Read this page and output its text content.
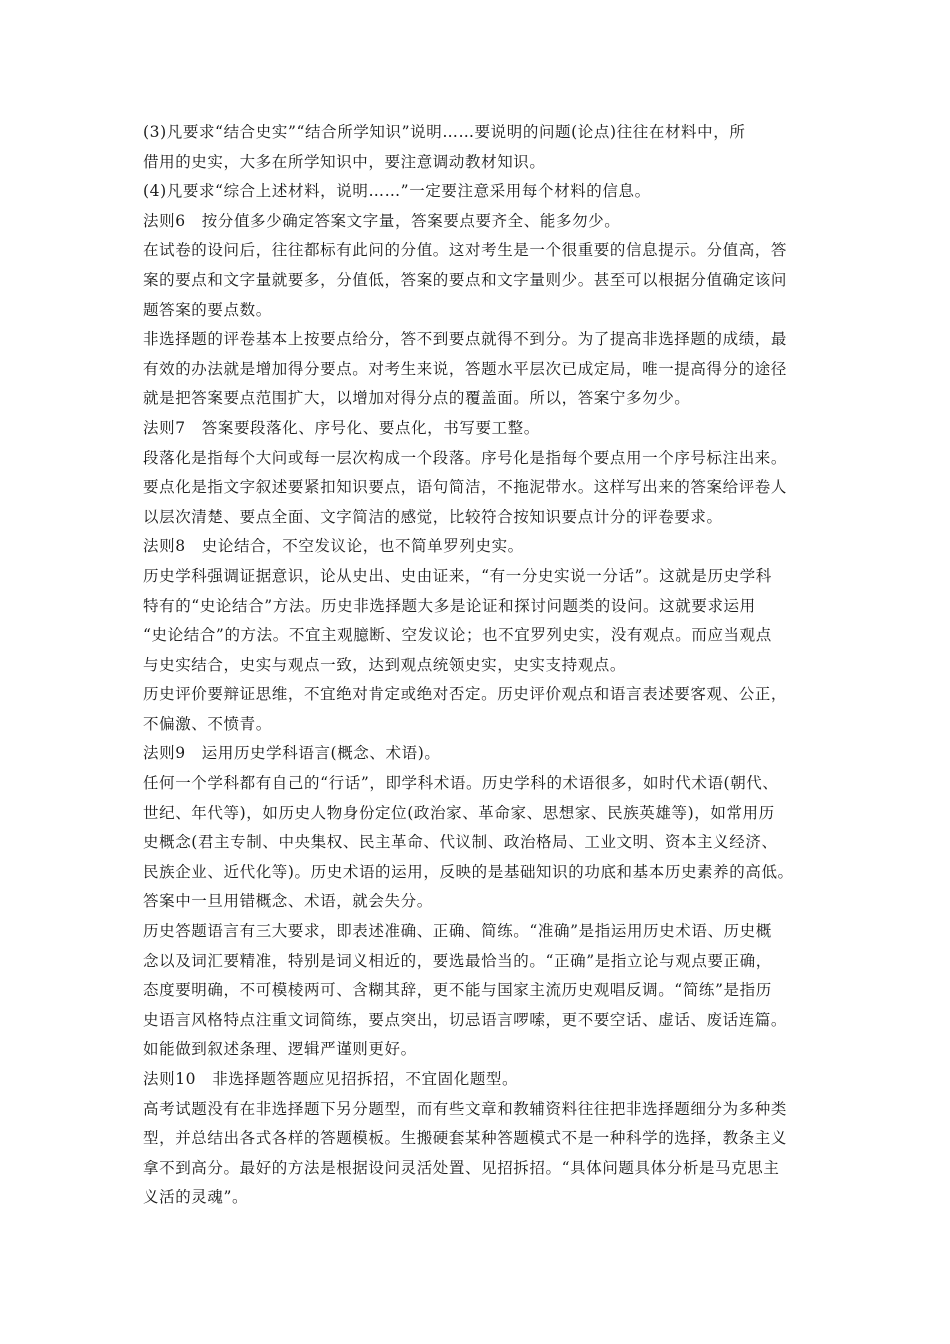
(3)凡要求“结合史实”“结合所学知识”说明……要说明的问题(论点)往往在材料中，所
借用的史实，大多在所学知识中，要注意调动教材知识。
(4)凡要求“综合上述材料，说明……”一定要注意采用每个材料的信息。
法则6　按分值多少确定答案文字量，答案要点要齐全、能多勿少。
在试卷的设问后，往往都标有此问的分值。这对考生是一个很重要的信息提示。分值高，答
案的要点和文字量就要多，分值低，答案的要点和文字量则少。甚至可以根据分值确定该问
题答案的要点数。
非选择题的评卷基本上按要点给分，答不到要点就得不到分。为了提高非选择题的成绩，最
有效的办法就是增加得分要点。对考生来说，答题水平层次已成定局，唯一提高得分的途径
就是把答案要点范围扩大，以增加对得分点的覆盖面。所以，答案宁多勿少。
法则7　答案要段落化、序号化、要点化，书写要工整。
段落化是指每个大问或每一层次构成一个段落。序号化是指每个要点用一个序号标注出来。
要点化是指文字叙述要紧扣知识要点，语句简洁，不拖泥带水。这样写出来的答案给评卷人
以层次清楚、要点全面、文字简洁的感觉，比较符合按知识要点计分的评卷要求。
法则8　史论结合，不空发议论，也不简单罗列史实。
历史学科强调证据意识，论从史出、史由证来，“有一分史实说一分话”。这就是历史学科
特有的“史论结合”方法。历史非选择题大多是论证和探讨问题类的设问。这就要求运用
“史论结合”的方法。不宜主观臆断、空发议论；也不宜罗列史实，没有观点。而应当观点
与史实结合，史实与观点一致，达到观点统领史实，史实支持观点。
历史评价要辩证思维，不宜绝对肯定或绝对否定。历史评价观点和语言表述要客观、公正，
不偏激、不愤青。
法则9　运用历史学科语言(概念、术语)。
任何一个学科都有自己的“行话”，即学科术语。历史学科的术语很多，如时代术语(朝代、
世纪、年代等)，如历史人物身份定位(政治家、革命家、思想家、民族英雄等)，如常用历
史概念(君主专制、中央集权、民主革命、代议制、政治格局、工业文明、资本主义经济、
民族企业、近代化等)。历史术语的运用，反映的是基础知识的功底和基本历史素养的高低。
答案中一旦用错概念、术语，就会失分。
历史答题语言有三大要求，即表述准确、正确、简练。“准确”是指运用历史术语、历史概
念以及词汇要精准，特别是词义相近的，要选最恰当的。“正确”是指立论与观点要正确，
态度要明确，不可模棱两可、含糊其辞，更不能与国家主流历史观唱反调。“简练”是指历
史语言风格特点注重文词简练，要点突出，切忌语言啰嗦，更不要空话、虚话、废话连篇。
如能做到叙述条理、逻辑严谨则更好。
法则10　非选择题答题应见招拆招，不宜固化题型。
高考试题没有在非选择题下另分题型，而有些文章和教辅资料往往把非选择题细分为多种类
型，并总结出各式各样的答题模板。生搬硬套某种答题模式不是一种科学的选择，教条主义
拿不到高分。最好的方法是根据设问灵活处置、见招拆招。“具体问题具体分析是马克思主
义活的灵魂”。
